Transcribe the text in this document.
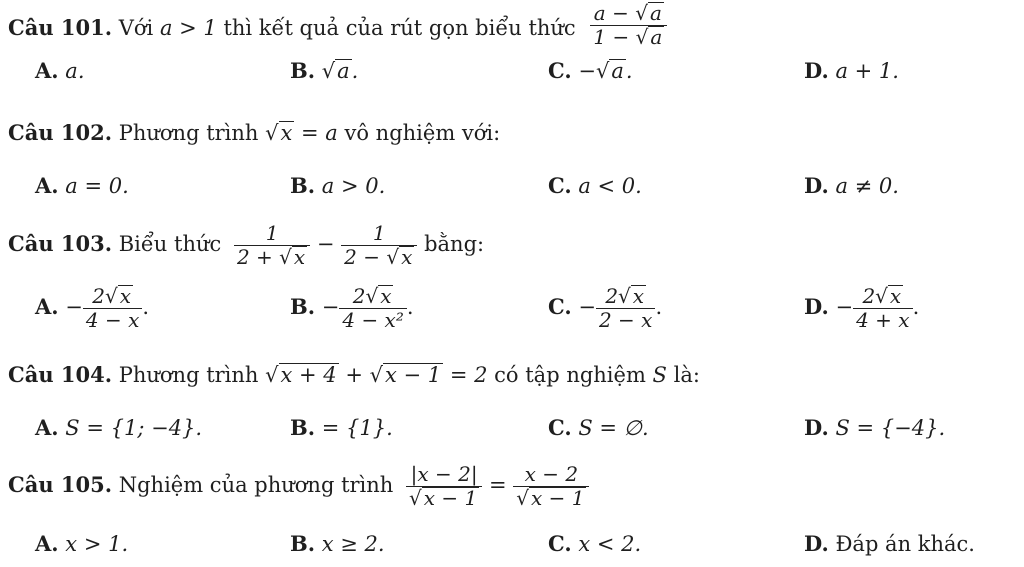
Câu 101. Với a > 1 thì kết quả của rút gọn biểu thức $\frac{a - √ a}{1 - √ a}$
A. a.	B. √a.	C. −√a.	D. a + 1.
Câu 102. Phương trình √x = a vô nghiệm với:
A. a = 0.	B. a > 0.	C. a < 0.	D. a ≠ 0.
Câu 103. Biểu thức $\frac{1}{2 + √ x} - \frac{1}{2 - √ x}$ bằng:
A. − $\frac{2√ x}{4 - x}$ .	B. − $\frac{2√ x}{\text{4 − x²}}$ .	C. − $\frac{2√ x}{2 - x}$ .	D. − $\frac{2√ x}{4 + x}$ .
Câu 104. Phương trình √x + 4 + √x − 1 = 2 có tập nghiệm S là:
A. S = {1; −4}.	B. = {1}.	C. S = ∅.	D. S = {−4}.
Câu 105. Nghiệm của phương trình $\frac{|x - 2|}{√ x - 1} = \frac{x - 2}{√ x - 1}$
A. x > 1.	B. x ≥ 2.	C. x < 2.	D. Đáp án khác.
